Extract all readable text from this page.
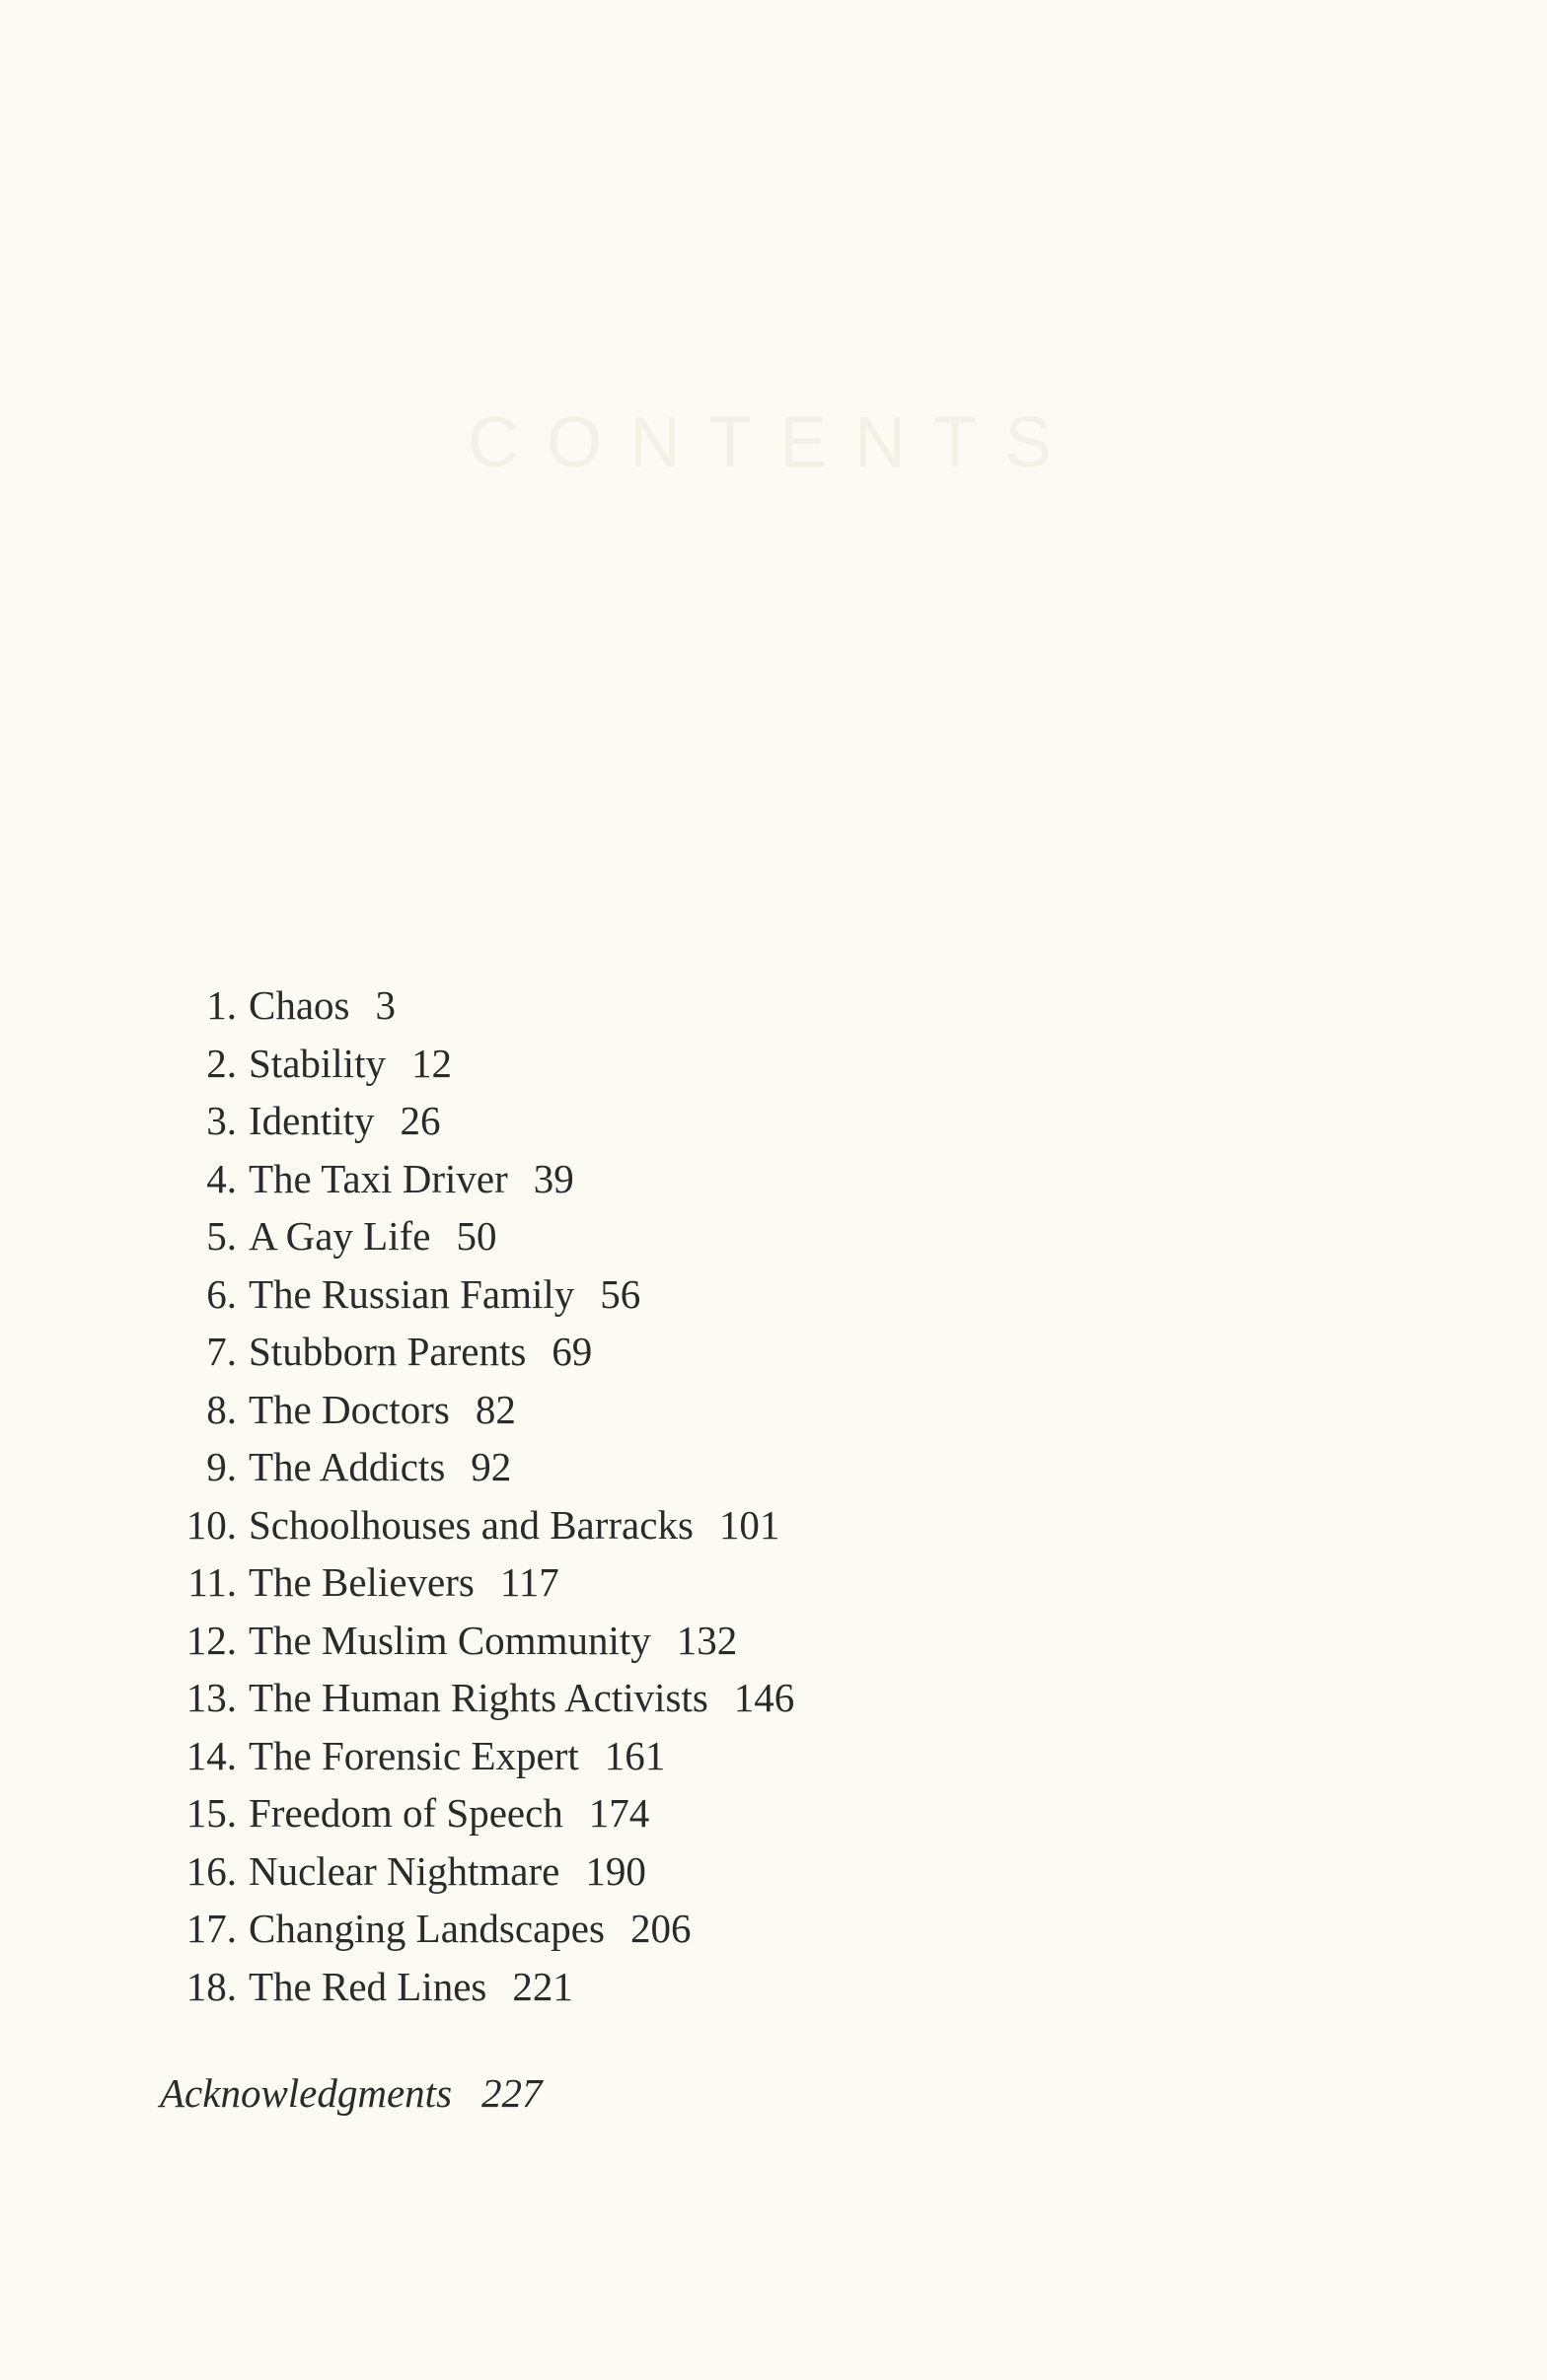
CONTENTS
1. Chaos 3
2. Stability 12
3. Identity 26
4. The Taxi Driver 39
5. A Gay Life 50
6. The Russian Family 56
7. Stubborn Parents 69
8. The Doctors 82
9. The Addicts 92
10. Schoolhouses and Barracks 101
11. The Believers 117
12. The Muslim Community 132
13. The Human Rights Activists 146
14. The Forensic Expert 161
15. Freedom of Speech 174
16. Nuclear Nightmare 190
17. Changing Landscapes 206
18. The Red Lines 221
Acknowledgments 227
